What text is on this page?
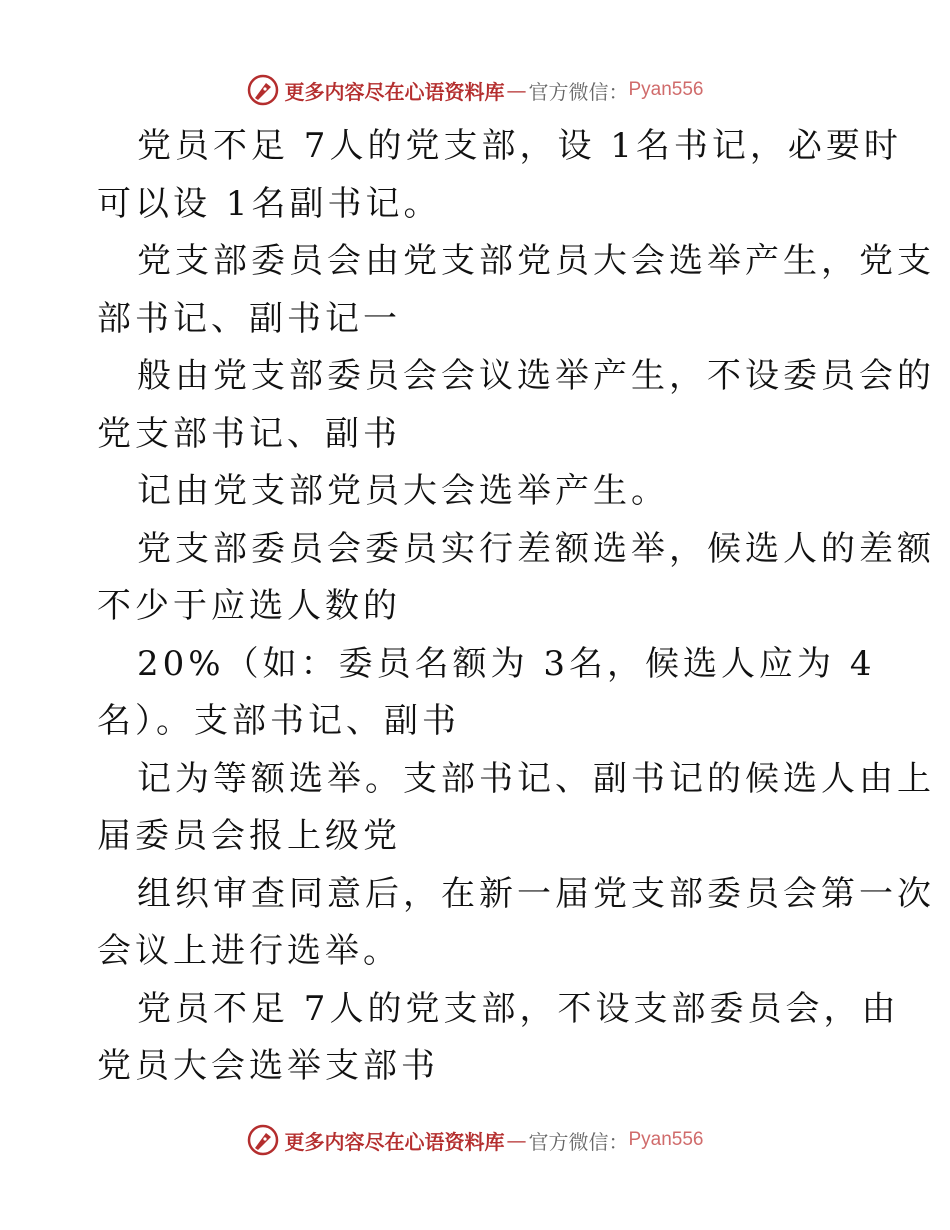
更多内容尽在心语资料库 — 官方微信： Pyan556
党员不足 7人的党支部，设 1名书记，必要时
可以设 1名副书记。
党支部委员会由党支部党员大会选举产生，党支
部书记、副书记一
般由党支部委员会会议选举产生，不设委员会的
党支部书记、副书
记由党支部党员大会选举产生。
党支部委员会委员实行差额选举，候选人的差额
不少于应选人数的
20%（如：委员名额为 3名，候选人应为 4
名）。支部书记、副书
记为等额选举。支部书记、副书记的候选人由上
届委员会报上级党
组织审查同意后，在新一届党支部委员会第一次
会议上进行选举。
党员不足 7人的党支部，不设支部委员会，由
党员大会选举支部书
更多内容尽在心语资料库 — 官方微信： Pyan556
